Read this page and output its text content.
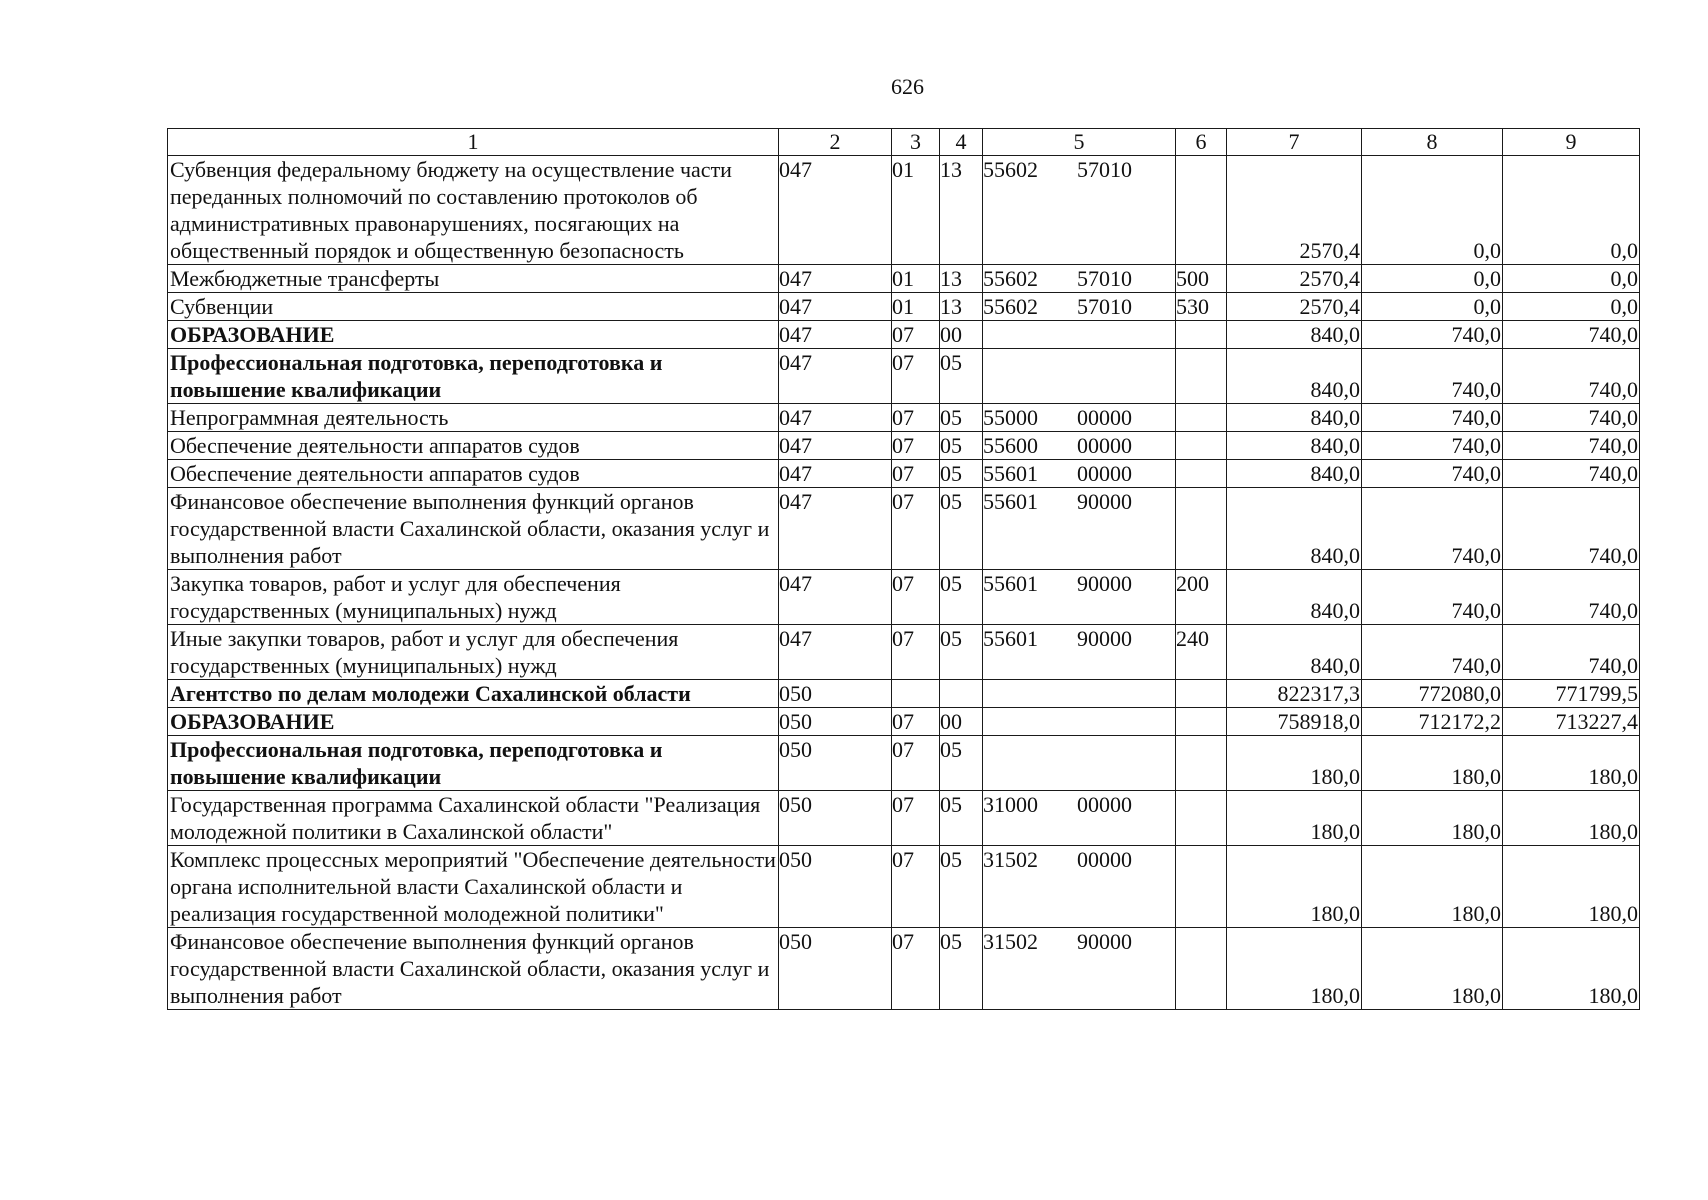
626
1	2	3	4	5	6	7	8	9
Субвенция федеральному бюджету на осуществление части переданных полномочий по составлению протоколов об административных правонарушениях, посягающих на общественный порядок и общественную безопасность	047	01	13	55602 57010		2570,4	0,0	0,0
Межбюджетные трансферты	047	01	13	55602 57010	500	2570,4	0,0	0,0
Субвенции	047	01	13	55602 57010	530	2570,4	0,0	0,0
ОБРАЗОВАНИЕ	047	07	00			840,0	740,0	740,0
Профессиональная подготовка, переподготовка и повышение квалификации	047	07	05			840,0	740,0	740,0
Непрограммная деятельность	047	07	05	55000 00000		840,0	740,0	740,0
Обеспечение деятельности аппаратов судов	047	07	05	55600 00000		840,0	740,0	740,0
Обеспечение деятельности аппаратов судов	047	07	05	55601 00000		840,0	740,0	740,0
Финансовое обеспечение выполнения функций органов государственной власти Сахалинской области, оказания услуг и выполнения работ	047	07	05	55601 90000		840,0	740,0	740,0
Закупка товаров, работ и услуг для обеспечения государственных (муниципальных) нужд	047	07	05	55601 90000	200	840,0	740,0	740,0
Иные закупки товаров, работ и услуг для обеспечения государственных (муниципальных) нужд	047	07	05	55601 90000	240	840,0	740,0	740,0
Агентство по делам молодежи Сахалинской области	050					822317,3	772080,0	771799,5
ОБРАЗОВАНИЕ	050	07	00			758918,0	712172,2	713227,4
Профессиональная подготовка, переподготовка и повышение квалификации	050	07	05			180,0	180,0	180,0
Государственная программа Сахалинской области "Реализация молодежной политики в Сахалинской области"	050	07	05	31000 00000		180,0	180,0	180,0
Комплекс процессных мероприятий "Обеспечение деятельности органа исполнительной власти Сахалинской области и реализация государственной молодежной политики"	050	07	05	31502 00000		180,0	180,0	180,0
Финансовое обеспечение выполнения функций органов государственной власти Сахалинской области, оказания услуг и выполнения работ	050	07	05	31502 90000		180,0	180,0	180,0
